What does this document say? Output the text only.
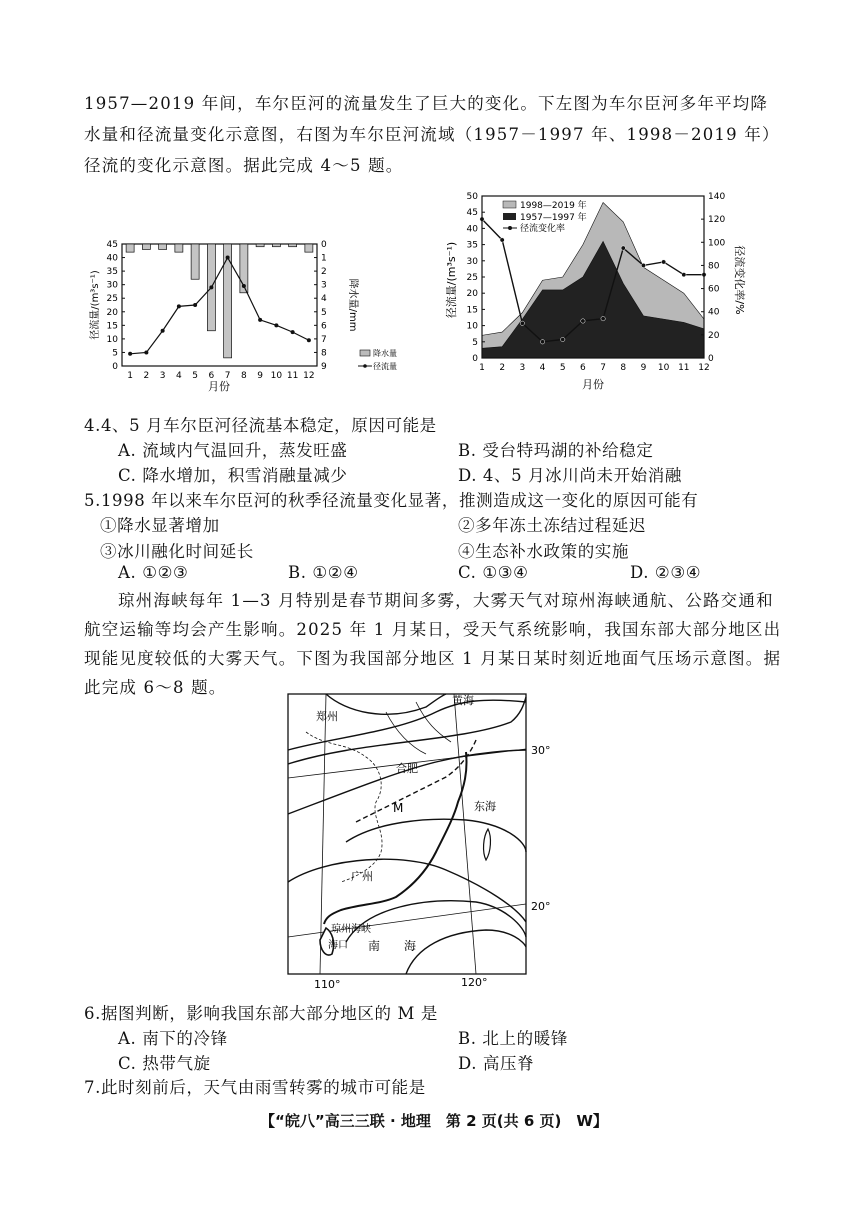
1957—2019 年间，车尔臣河的流量发生了巨大的变化。下左图为车尔臣河多年平均降水量和径流量变化示意图，右图为车尔臣河流域（1957－1997 年、1998－2019 年）径流的变化示意图。据此完成 4～5 题。
0
5
10
15
20
25
30
35
40
45	0
1
2
3
4
5
6
7
8
9
1 2 3 4 5 6 7 8 9 10 11 12
月份
径流量/(m³s⁻¹)	降水量/mm
降水量
径流量
0
5
10
15
20
25
30
35
40
45
50
0
20
40
60
80
100
120
140
1 2 3 4 5 6 7 8 9 10 11 12
月份
径流量/(m³s⁻¹)	径流变化率/%
1998—2019 年
1957—1997 年
径流变化率
4.4、5 月车尔臣河径流基本稳定，原因可能是
A. 流域内气温回升，蒸发旺盛	B. 受台特玛湖的补给稳定
C. 降水增加，积雪消融量减少	D. 4、5 月冰川尚未开始消融
5.1998 年以来车尔臣河的秋季径流量变化显著，推测造成这一变化的原因可能有
①降水显著增加	②多年冻土冻结过程延迟
③冰川融化时间延长	④生态补水政策的实施
A. ①②③	B. ①②④	C. ①③④	D. ②③④
琼州海峡每年 1—3 月特别是春节期间多雾，大雾天气对琼州海峡通航、公路交通和航空运输等均会产生影响。2025 年 1 月某日，受天气系统影响，我国东部大部分地区出现能见度较低的大雾天气。下图为我国部分地区 1 月某日某时刻近地面气压场示意图。据此完成 6～8 题。
郑州
黄海
合肥
M	东海
广州
琼州海峡
海口 南 海
30°
20°
110°	120°
6.据图判断，影响我国东部大部分地区的 M 是
A. 南下的冷锋	B. 北上的暖锋
C. 热带气旋	D. 高压脊
7.此时刻前后，天气由雨雪转雾的城市可能是
【“皖八”高三三联 · 地理　第 2 页(共 6 页)　W】
